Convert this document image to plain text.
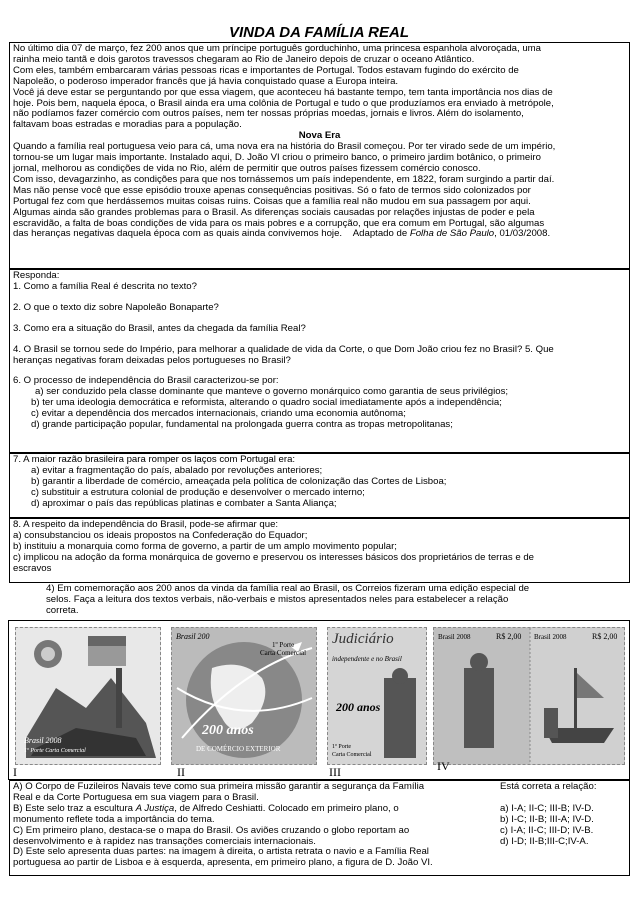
VINDA DA FAMÍLIA REAL

No último dia 07 de março, fez 200 anos que um príncipe português gorduchinho, uma princesa espanhola alvoroçada, uma

rainha meio tantã e dois garotos travessos chegaram ao Rio de Janeiro depois de cruzar o oceano Atlântico.

Com eles, também embarcaram várias pessoas ricas e importantes de Portugal. Todos estavam fugindo do exército de

Napoleão, o poderoso imperador francês que já havia conquistado quase a Europa inteira.

Você já deve estar se perguntando por que essa viagem, que aconteceu há bastante tempo, tem tanta importância nos dias de

hoje. Pois bem, naquela época, o Brasil ainda era uma colônia de Portugal e tudo o que produzíamos era enviado à metrópole,

não podíamos fazer comércio com outros países, nem ter nossas próprias moedas, jornais e livros. Além do isolamento,

faltavam boas estradas e moradias para a população.

Nova Era

Quando a família real portuguesa veio para cá, uma nova era na história do Brasil começou. Por ter virado sede de um império,

tornou-se um lugar mais importante. Instalado aqui, D. João VI criou o primeiro banco, o primeiro jardim botânico, o primeiro

jornal, melhorou as condições de vida no Rio, além de permitir que outros países fizessem comércio conosco.

Com isso, devagarzinho, as condições para que nos tornássemos um país independente, em 1822, foram surgindo a partir daí.

Mas não pense você que esse episódio trouxe apenas consequências positivas. Só o fato de termos sido colonizados por

Portugal fez com que herdássemos muitas coisas ruins. Coisas que a família real não mudou em sua passagem por aqui.

Algumas ainda são grandes problemas para o Brasil. As diferenças sociais causadas por relações injustas de poder e pela

escravidão, a falta de boas condições de vida para os mais pobres e a corrupção, que era comum em Portugal, são algumas

das heranças negativas daquela época com as quais ainda convivemos hoje. Adaptado de Folha de São Paulo, 01/03/2008.

Responda:

1. Como a família Real é descrita no texto?

2. O que o texto diz sobre Napoleão Bonaparte?

3. Como era a situação do Brasil, antes da chegada da família Real?

4. O Brasil se tornou sede do Império, para melhorar a qualidade de vida da Corte, o que Dom João criou fez no Brasil? 5. Que

heranças negativas foram deixadas pelos portugueses no Brasil?

6. O processo de independência do Brasil caracterizou-se por:

a) ser conduzido pela classe dominante que manteve o governo monárquico como garantia de seus privilégios;

b) ter uma ideologia democrática e reformista, alterando o quadro social imediatamente após a independência;

c) evitar a dependência dos mercados internacionais, criando uma economia autônoma;

d) grande participação popular, fundamental na prolongada guerra contra as tropas metropolitanas;

7. A maior razão brasileira para romper os laços com Portugal era:

a) evitar a fragmentação do país, abalado por revoluções anteriores;

b) garantir a liberdade de comércio, ameaçada pela política de colonização das Cortes de Lisboa;

c) substituir a estrutura colonial de produção e desenvolver o mercado interno;

d) aproximar o país das repúblicas platinas e combater a Santa Aliança;

8. A respeito da independência do Brasil, pode-se afirmar que:

a) consubstanciou os ideais propostos na Confederação do Equador;

b) instituiu a monarquia como forma de governo, a partir de um amplo movimento popular;

c) implicou na adoção da forma monárquica de governo e preservou os interesses básicos dos proprietários de terras e de

escravos

4) Em comemoração aos 200 anos da vinda da família real ao Brasil, os Correios fizeram uma edição especial de

selos. Faça a leitura dos textos verbais, não-verbais e mistos apresentados neles para estabelecer a relação

correta.

Brasil 2008
1º Porte Carta Comercial
Brasil 200
1º Porte
Carta Comercial
200 anos
DE COMÉRCIO EXTERIOR
Judiciário
independente e no Brasil
200 anos
1º Porte
Carta Comercial
Brasil 2008	R$ 2,00 Brasil 2008	R$ 2,00
I	II	III	IV

A) O Corpo de Fuzileiros Navais teve como sua primeira missão garantir a segurança da Família

Real e da Corte Portuguesa em sua viagem para o Brasil.

B) Este selo traz a escultura A Justiça, de Alfredo Ceshiatti. Colocado em primeiro plano, o

monumento reflete toda a importância do tema.

C) Em primeiro plano, destaca-se o mapa do Brasil. Os aviões cruzando o globo reportam ao

desenvolvimento e à rapidez nas transações comerciais internacionais.

D) Este selo apresenta duas partes: na imagem à direita, o artista retrata o navio e a Família Real

portuguesa ao partir de Lisboa e à esquerda, apresenta, em primeiro plano, a figura de D. João VI.

Está correta a relação:

a) I-A; II-C; III-B; IV-D.

b) I-C; II-B; III-A; IV-D.

c) I-A; II-C; III-D; IV-B.

d) I-D; II-B;III-C;IV-A.
